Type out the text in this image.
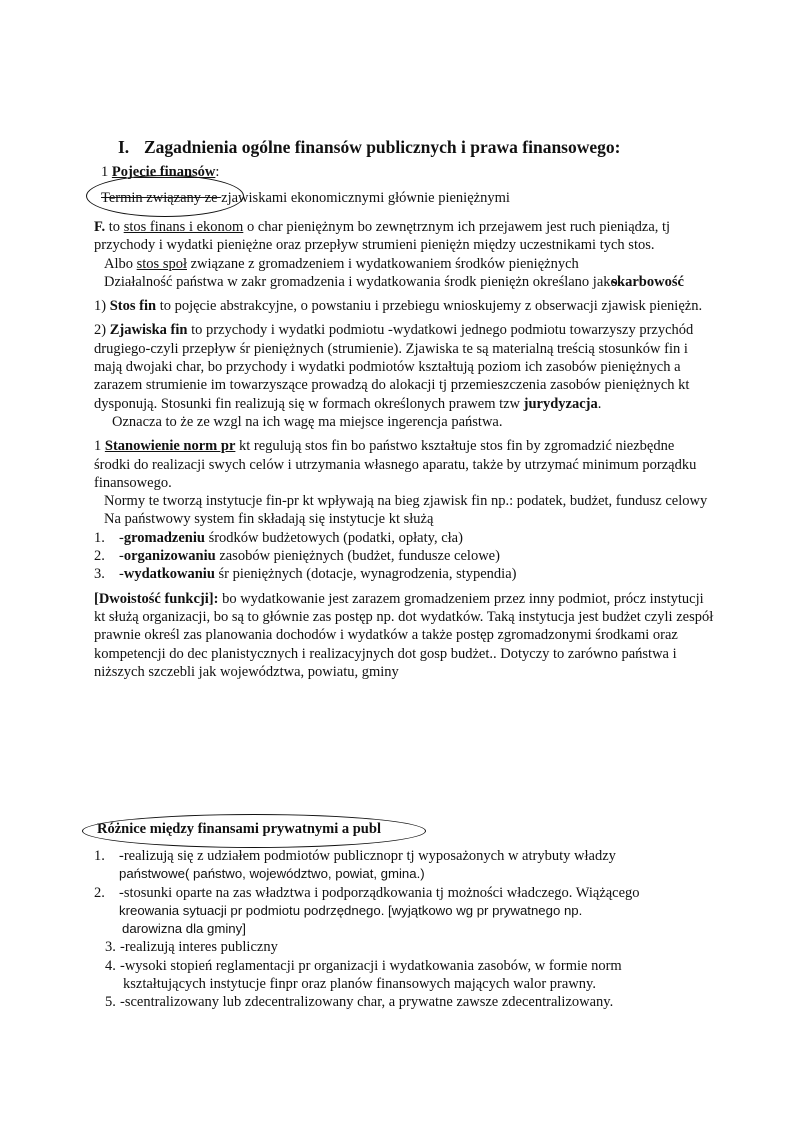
I. Zagadnienia ogólne finansów publicznych i prawa finansowego:
1 Pojecie finansów:
Termin związany ze zjawiskami ekonomicznymi głównie pieniężnymi

F. to stos finans i ekonom o char pieniężnym bo zewnętrznym ich przejawem jest ruch pieniądza, tj przychody i wydatki pieniężne oraz przepływ strumieni pieniężn między uczestnikami tych stos.

Albo stos społ związane z gromadzeniem i wydatkowaniem środków pieniężnych

Działalność państwa w zakr gromadzenia i wydatkowania środk pieniężn określano jako skarbowość

1) Stos fin to pojęcie abstrakcyjne, o powstaniu i przebiegu wnioskujemy z obserwacji zjawisk pieniężn.

2) Zjawiska fin to przychody i wydatki podmiotu -wydatkowi jednego podmiotu towarzyszy przychód drugiego-czyli przepływ śr pieniężnych (strumienie). Zjawiska te są materialną treścią stosunków fin i mają dwojaki char, bo przychody i wydatki podmiotów kształtują poziom ich zasobów pieniężnych a zarazem strumienie im towarzyszące prowadzą do alokacji tj przemieszczenia zasobów pieniężnych kt dysponują. Stosunki fin realizują się w formach określonych prawem tzw jurydyzacja.

Oznacza to że ze wzgl na ich wagę ma miejsce ingerencja państwa.

1 Stanowienie norm pr kt regulują stos fin bo państwo kształtuje stos fin by zgromadzić niezbędne środki do realizacji swych celów i utrzymania własnego aparatu, także by utrzymać minimum porządku finansowego.

Normy te tworzą instytucje fin-pr kt wpływają na bieg zjawisk fin np.: podatek, budżet, fundusz celowy

Na państwowy system fin składają się instytucje kt służą

1. -gromadzeniu środków budżetowych (podatki, opłaty, cła)
2. -organizowaniu zasobów pieniężnych (budżet, fundusze celowe)
3. -wydatkowaniu śr pieniężnych (dotacje, wynagrodzenia, stypendia)

[Dwoistość funkcji]: bo wydatkowanie jest zarazem gromadzeniem przez inny podmiot, prócz instytucji kt służą organizacji, bo są to głównie zas postęp np. dot wydatków. Taką instytucja jest budżet czyli zespół prawnie określ zas planowania dochodów i wydatków a także postęp zgromadzonymi środkami oraz kompetencji do dec planistycznych i realizacyjnych dot gosp budżet.. Dotyczy to zarówno państwa i niższych szczebli jak województwa, powiatu, gminy

Różnice między finansami prywatnymi a publ
1. -realizują się z udziałem podmiotów publicznopr tj wyposażonych w atrybuty władzy
państwowe( państwo, województwo, powiat, gmina.)
2. -stosunki oparte na zas władztwa i podporządkowania tj możności władczego. Wiążącego
kreowania sytuacji pr podmiotu podrzędnego. [wyjątkowo wg pr prywatnego np.
darowizna dla gminy]
3. -realizują interes publiczny
4. -wysoki stopień reglamentacji pr organizacji i wydatkowania zasobów, w formie norm
kształtujących instytucje finpr oraz planów finansowych mających walor prawny.
5. -scentralizowany lub zdecentralizowany char, a prywatne zawsze zdecentralizowany.
